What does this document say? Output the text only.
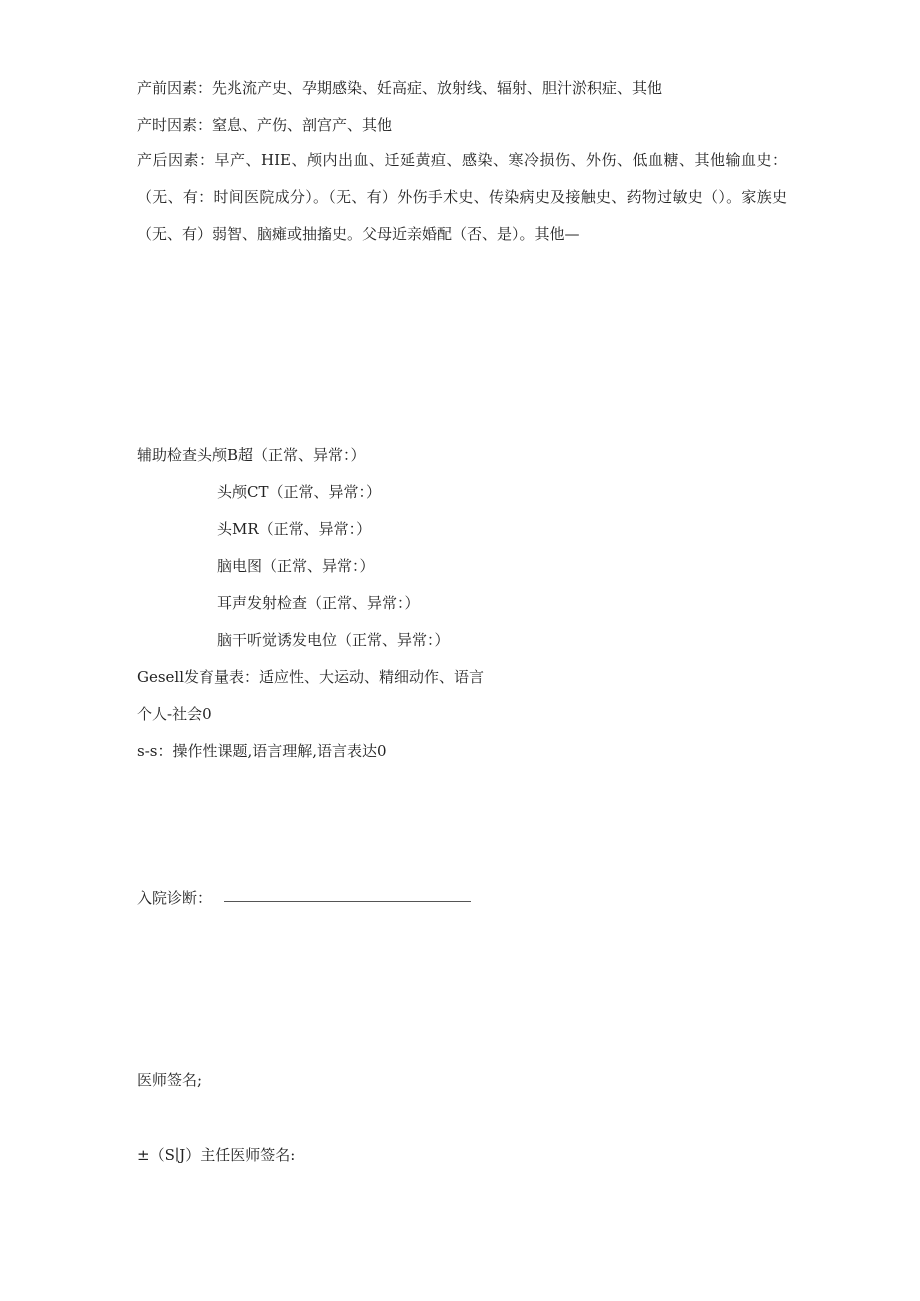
产前因素：先兆流产史、孕期感染、妊高症、放射线、辐射、胆汁淤积症、其他
产时因素：窒息、产伤、剖宫产、其他
产后因素：早产、HIE、颅内出血、迁延黄疸、感染、寒冷损伤、外伤、低血糖、其他输血史：（无、有：时间医院成分）。（无、有）外伤手术史、传染病史及接触史、药物过敏史（）。家族史（无、有）弱智、脑瘫或抽搐史。父母近亲婚配（否、是）。其他—
辅助检查头颅B超（正常、异常：）
头颅CT（正常、异常：）
头MR（正常、异常：）
脑电图（正常、异常：）
耳声发射检查（正常、异常：）
脑干听觉诱发电位（正常、异常：）
Gesell发育量表：适应性、大运动、精细动作、语言
个人-社会0
s-s：操作性课题,语言理解,语言表达0
入院诊断：
医师签名;
±（S∣J）主任医师签名:
